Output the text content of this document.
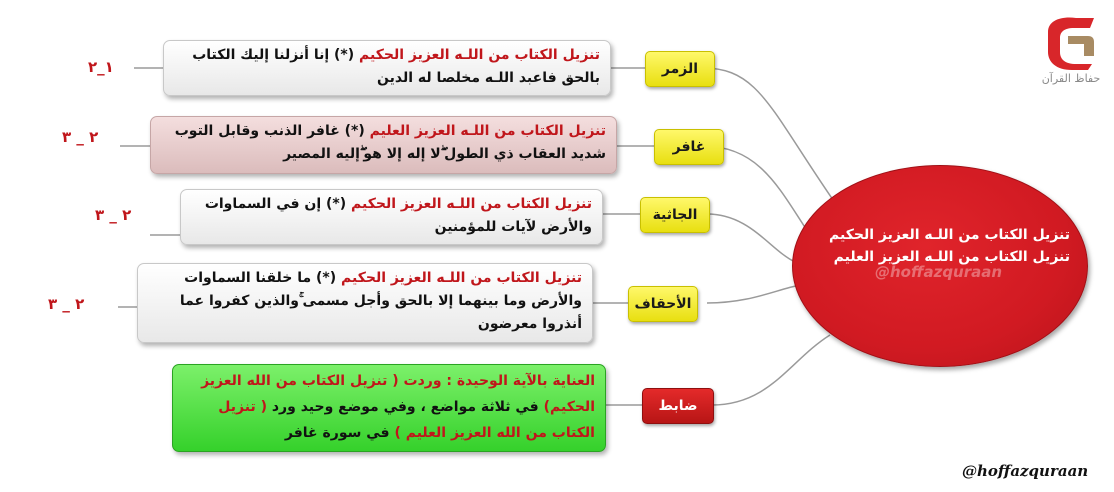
حفاظ القرآن
@hoffazquraan
تنزيل الكتاب من اللـه العزيز الحكيم
تنزيل الكتاب من اللـه العزيز العليم
الزمر
تنزيل الكتاب من اللـه العزيز الحكيم (*) إنا أنزلنا إليك الكتاب
بالحق فاعبد اللـه مخلصا له الدين
١_٢
غافر
تنزيل الكتاب من اللـه العزيز العليم (*) غافر الذنب وقابل التوب
شديد العقاب ذي الطول ۖلا إله إلا هو ۖإليه المصير
٢ _ ٣
الجاثية
تنزيل الكتاب من اللـه العزيز الحكيم (*) إن في السماوات
والأرض لآيات للمؤمنين
٢ _ ٣
الأحقاف
تنزيل الكتاب من اللـه العزيز الحكيم (*) ما خلقنا السماوات
والأرض وما بينهما إلا بالحق وأجل مسمى ۚوالذين كفروا عما
أنذروا معرضون
٢ _ ٣
ضابط
العناية بالآية الوحيدة : وردت ( تنزيل الكتاب من الله العزيز الحكيم) في ثلاثة مواضع ، وفي موضع وحيد ورد ( تنزيل الكتاب من الله العزيز العليم ) في سورة غافر
@hoffazquraan
